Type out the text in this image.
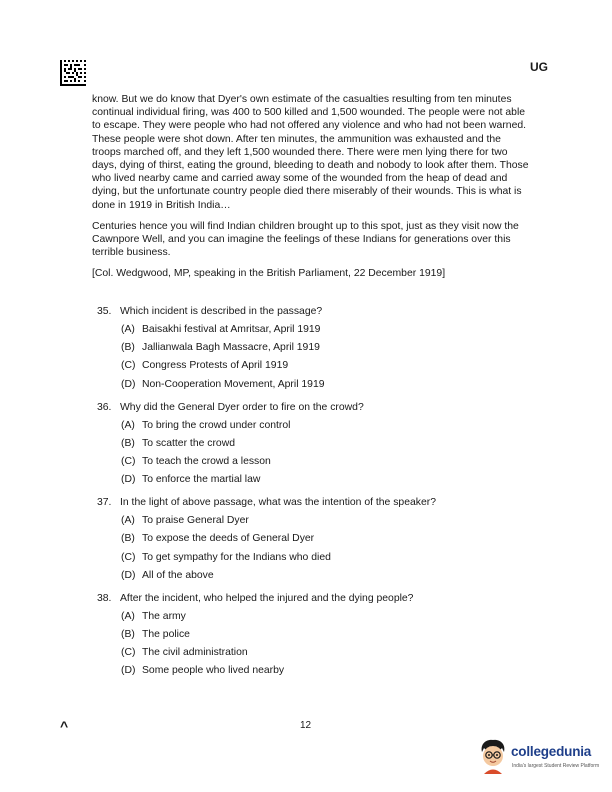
UG

know. But we do know that Dyer's own estimate of the casualties resulting from ten minutes continual individual firing, was 400 to 500 killed and 1,500 wounded. The people were not able to escape. They were people who had not offered any violence and who had not been warned. These people were shot down. After ten minutes, the ammunition was exhausted and the troops marched off, and they left 1,500 wounded there. There were men lying there for two days, dying of thirst, eating the ground, bleeding to death and nobody to look after them. Those who lived nearby came and carried away some of the wounded from the heap of dead and dying, but the unfortunate country people died there miserably of their wounds. This is what is done in 1919 in British India…

Centuries hence you will find Indian children brought up to this spot, just as they visit now the Cawnpore Well, and you can imagine the feelings of these Indians for generations over this terrible business.

[Col. Wedgwood, MP, speaking in the British Parliament, 22 December 1919]

35. Which incident is described in the passage?
(A) Baisakhi festival at Amritsar, April 1919
(B) Jallianwala Bagh Massacre, April 1919
(C) Congress Protests of April 1919
(D) Non-Cooperation Movement, April 1919
36. Why did the General Dyer order to fire on the crowd?
(A) To bring the crowd under control
(B) To scatter the crowd
(C) To teach the crowd a lesson
(D) To enforce the martial law
37. In the light of above passage, what was the intention of the speaker?
(A) To praise General Dyer
(B) To expose the deeds of General Dyer
(C) To get sympathy for the Indians who died
(D) All of the above
38. After the incident, who helped the injured and the dying people?
(A) The army
(B) The police
(C) The civil administration
(D) Some people who lived nearby
^	12
collegedunia
India's largest Student Review Platform
